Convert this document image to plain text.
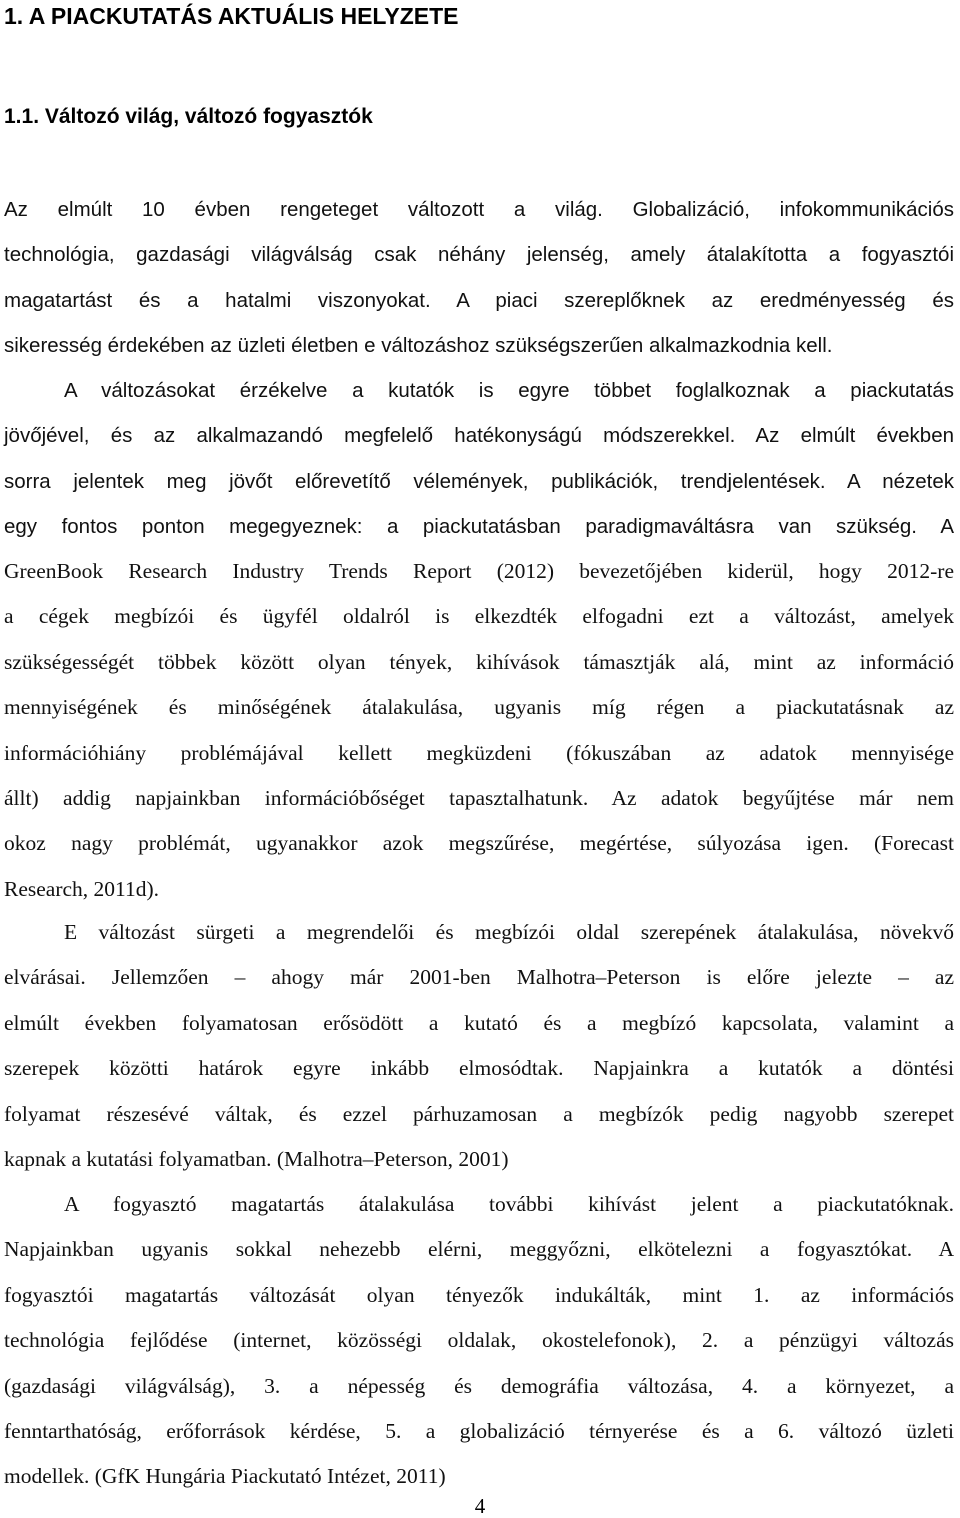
1. A PIACKUTATÁS AKTUÁLIS HELYZETE
1.1. Változó világ, változó fogyasztók
Az elmúlt 10 évben rengeteget változott a világ. Globalizáció, infokommunikációs
technológia, gazdasági világválság csak néhány jelenség, amely átalakította a fogyasztói
magatartást és a hatalmi viszonyokat. A piaci szereplőknek az eredményesség és
sikeresség érdekében az üzleti életben e változáshoz szükségszerűen alkalmazkodnia kell.
A változásokat érzékelve a kutatók is egyre többet foglalkoznak a piackutatás
jövőjével, és az alkalmazandó megfelelő hatékonyságú módszerekkel. Az elmúlt években
sorra jelentek meg jövőt előrevetítő vélemények, publikációk, trendjelentések. A nézetek
egy fontos ponton megegyeznek: a piackutatásban paradigmaváltásra van szükség. A
GreenBook Research Industry Trends Report (2012) bevezetőjében kiderül, hogy 2012-re
a cégek megbízói és ügyfél oldalról is elkezdték elfogadni ezt a változást, amelyek
szükségességét többek között olyan tények, kihívások támasztják alá, mint az információ
mennyiségének és minőségének átalakulása, ugyanis míg régen a piackutatásnak az
információhiány problémájával kellett megküzdeni (fókuszában az adatok mennyisége
állt) addig napjainkban információbőséget tapasztalhatunk. Az adatok begyűjtése már nem
okoz nagy problémát, ugyanakkor azok megszűrése, megértése, súlyozása igen. (Forecast
Research, 2011d).
E változást sürgeti a megrendelői és megbízói oldal szerepének átalakulása, növekvő
elvárásai. Jellemzően – ahogy már 2001-ben Malhotra–Peterson is előre jelezte – az
elmúlt években folyamatosan erősödött a kutató és a megbízó kapcsolata, valamint a
szerepek közötti határok egyre inkább elmosódtak. Napjainkra a kutatók a döntési
folyamat részesévé váltak, és ezzel párhuzamosan a megbízók pedig nagyobb szerepet
kapnak a kutatási folyamatban. (Malhotra–Peterson, 2001)
A fogyasztó magatartás átalakulása további kihívást jelent a piackutatóknak.
Napjainkban ugyanis sokkal nehezebb elérni, meggyőzni, elkötelezni a fogyasztókat. A
fogyasztói magatartás változását olyan tényezők indukálták, mint 1. az információs
technológia fejlődése (internet, közösségi oldalak, okostelefonok), 2. a pénzügyi változás
(gazdasági világválság), 3. a népesség és demográfia változása, 4. a környezet, a
fenntarthatóság, erőforrások kérdése, 5. a globalizáció térnyerése és a 6. változó üzleti
modellek. (GfK Hungária Piackutató Intézet, 2011)
4
